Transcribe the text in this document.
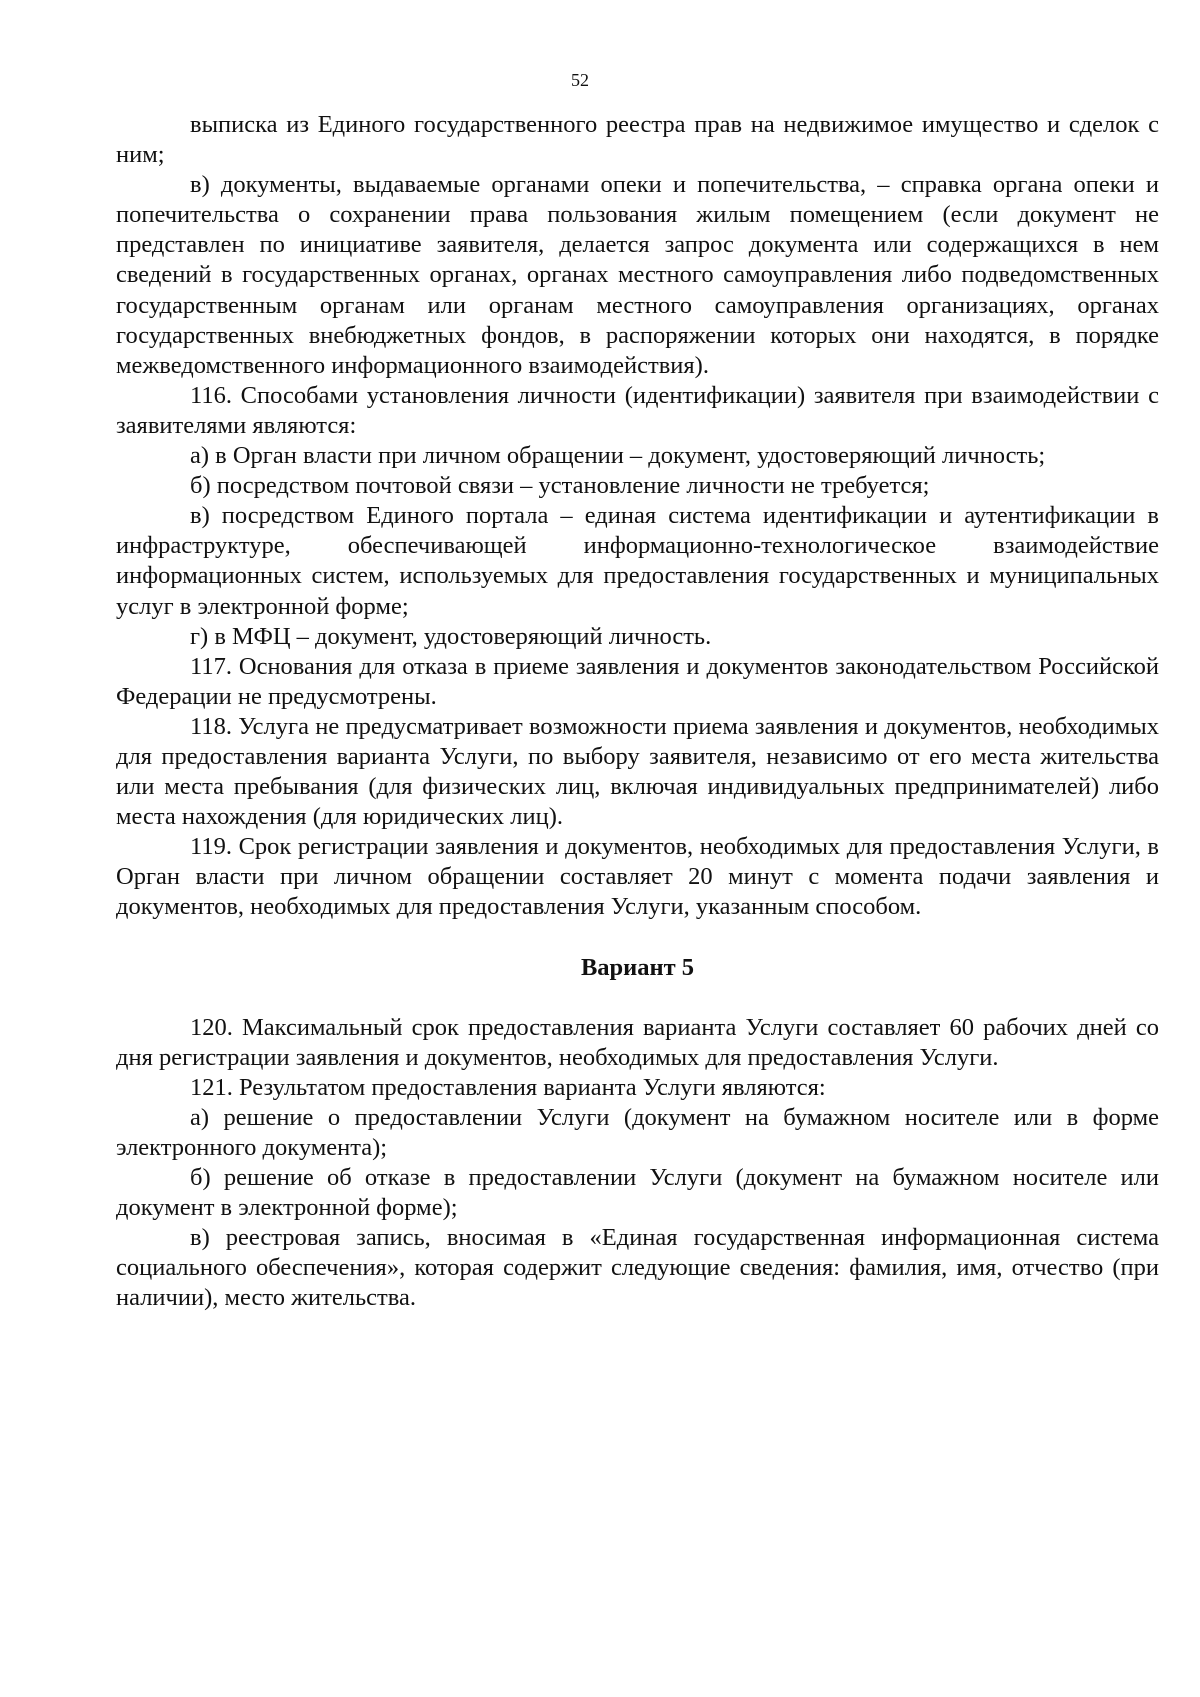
52

выписка из Единого государственного реестра прав на недвижимое имущество и сделок с ним;

в) документы, выдаваемые органами опеки и попечительства, – справка органа опеки и попечительства о сохранении права пользования жилым помещением (если документ не представлен по инициативе заявителя, делается запрос документа или содержащихся в нем сведений в государственных органах, органах местного самоуправления либо подведомственных государственным органам или органам местного самоуправления организациях, органах государственных внебюджетных фондов, в распоряжении которых они находятся, в порядке межведомственного информационного взаимодействия).

116. Способами установления личности (идентификации) заявителя при взаимодействии с заявителями являются:

а) в Орган власти при личном обращении – документ, удостоверяющий личность;

б) посредством почтовой связи – установление личности не требуется;

в) посредством Единого портала – единая система идентификации и аутентификации в инфраструктуре, обеспечивающей информационно-технологическое взаимодействие информационных систем, используемых для предоставления государственных и муниципальных услуг в электронной форме;

г) в МФЦ – документ, удостоверяющий личность.

117. Основания для отказа в приеме заявления и документов законодательством Российской Федерации не предусмотрены.

118. Услуга не предусматривает возможности приема заявления и документов, необходимых для предоставления варианта Услуги, по выбору заявителя, независимо от его места жительства или места пребывания (для физических лиц, включая индивидуальных предпринимателей) либо места нахождения (для юридических лиц).

119. Срок регистрации заявления и документов, необходимых для предоставления Услуги, в Орган власти при личном обращении составляет 20 минут с момента подачи заявления и документов, необходимых для предоставления Услуги, указанным способом.

Вариант 5

120. Максимальный срок предоставления варианта Услуги составляет 60 рабочих дней со дня регистрации заявления и документов, необходимых для предоставления Услуги.

121. Результатом предоставления варианта Услуги являются:

а) решение о предоставлении Услуги (документ на бумажном носителе или в форме электронного документа);

б) решение об отказе в предоставлении Услуги (документ на бумажном носителе или документ в электронной форме);

в) реестровая запись, вносимая в «Единая государственная информационная система социального обеспечения», которая содержит следующие сведения: фамилия, имя, отчество (при наличии), место жительства.
